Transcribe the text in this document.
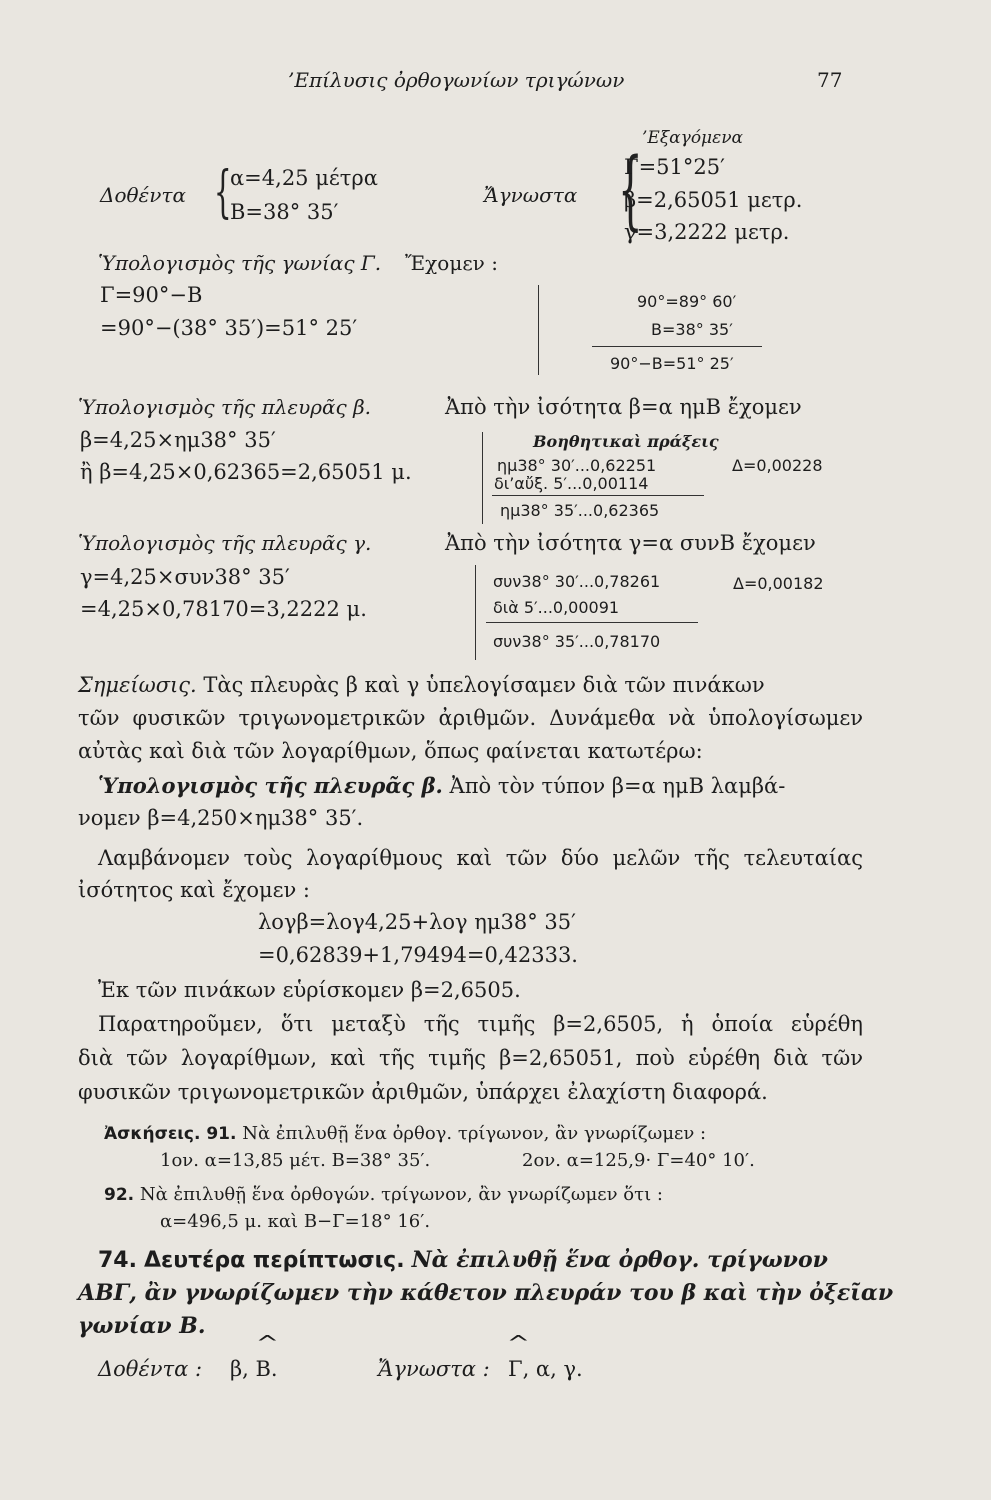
’Επίλυσις ὀρθογωνίων τριγώνων	77
’Εξαγόμενα
Δοθέντα {
α=4,25 μέτρα
Β=38° 35′
Ἄγνωστα {
Γ=51°25′
β=2,65051 μετρ.
γ=3,2222 μετρ.
Ὑπολογισμὸς τῆς γωνίας Γ. Ἔχομεν :
Γ=90°−Β
=90°−(38° 35′)=51° 25′
90°=89° 60′
Β=38° 35′
90°−Β=51° 25′
Ὑπολογισμὸς τῆς πλευρᾶς β.	Ἀπὸ τὴν ἰσότητα β=α ημΒ ἔχομεν
β=4,25×ημ38° 35′
ἢ β=4,25×0,62365=2,65051 μ.
Βοηθητικαὶ πράξεις
ημ38° 30′...0,62251	Δ=0,00228
δι’αὔξ. 5′...0,00114
ημ38° 35′...0,62365
Ὑπολογισμὸς τῆς πλευρᾶς γ.	Ἀπὸ τὴν ἰσότητα γ=α συνΒ ἔχομεν
γ=4,25×συν38° 35′
=4,25×0,78170=3,2222 μ.
συν38° 30′...0,78261	Δ=0,00182
διὰ 5′...0,00091
συν38° 35′...0,78170
Σημείωσις. Τὰς πλευρὰς β καὶ γ ὑπελογίσαμεν διὰ τῶν πινάκων
τῶν φυσικῶν τριγωνομετρικῶν ἀριθμῶν. Δυνάμεθα νὰ ὑπολογίσωμεν
αὐτὰς καὶ διὰ τῶν λογαρίθμων, ὅπως φαίνεται κατωτέρω:
Ὑπολογισμὸς τῆς πλευρᾶς β. Ἀπὸ τὸν τύπον β=α ημΒ λαμβά-
νομεν β=4,250×ημ38° 35′.
Λαμβάνομεν τοὺς λογαρίθμους καὶ τῶν δύο μελῶν τῆς τελευταίας
ἰσότητος καὶ ἔχομεν :
λογβ=λογ4,25+λογ ημ38° 35′
=0,62839+1,79494=0,42333.
Ἐκ τῶν πινάκων εὑρίσκομεν β=2,6505.
Παρατηροῦμεν, ὅτι μεταξὺ τῆς τιμῆς β=2,6505, ἡ ὁποία εὑρέθη
διὰ τῶν λογαρίθμων, καὶ τῆς τιμῆς β=2,65051, ποὺ εὑρέθη διὰ τῶν
φυσικῶν τριγωνομετρικῶν ἀριθμῶν, ὑπάρχει ἐλαχίστη διαφορά.
Ἀσκήσεις. 91. Νὰ ἐπιλυθῇ ἕνα ὀρθογ. τρίγωνον, ἂν γνωρίζωμεν :
1ον. α=13,85 μέτ. Β=38° 35′.	2ον. α=125,9· Γ=40° 10′.
92. Νὰ ἐπιλυθῇ ἕνα ὀρθογών. τρίγωνον, ἂν γνωρίζωμεν ὅτι :
α=496,5 μ. καὶ Β−Γ=18° 16′.
74. Δευτέρα περίπτωσις. Νὰ ἐπιλυθῇ ἕνα ὀρθογ. τρίγωνον
ΑΒΓ, ἂν γνωρίζωμεν τὴν κάθετον πλευράν του β καὶ τὴν ὀξεῖαν
γωνίαν Β.
Δοθέντα :
^
β, Β.	Ἄγνωστα :
^
Γ, α, γ.
